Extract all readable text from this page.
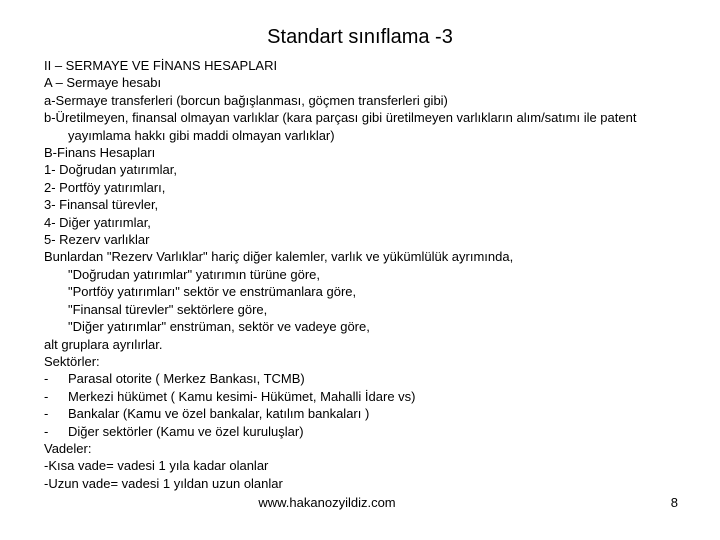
Standart sınıflama -3
II – SERMAYE VE FİNANS HESAPLARI
A – Sermaye hesabı
a-Sermaye transferleri (borcun bağışlanması, göçmen transferleri gibi)
b-Üretilmeyen, finansal olmayan varlıklar (kara parçası gibi üretilmeyen varlıkların alım/satımı ile patent
yayımlama hakkı gibi maddi olmayan varlıklar)
B-Finans Hesapları
1- Doğrudan yatırımlar,
2- Portföy yatırımları,
3- Finansal türevler,
4- Diğer yatırımlar,
5- Rezerv varlıklar
Bunlardan "Rezerv Varlıklar" hariç diğer kalemler, varlık ve yükümlülük ayrımında,
"Doğrudan yatırımlar" yatırımın türüne göre,
"Portföy yatırımları" sektör ve enstrümanlara göre,
"Finansal türevler" sektörlere göre,
"Diğer yatırımlar" enstrüman, sektör ve vadeye göre,
alt gruplara ayrılırlar.
Sektörler:
-	Parasal otorite ( Merkez Bankası, TCMB)
-	Merkezi hükümet ( Kamu kesimi- Hükümet, Mahalli İdare vs)
-	Bankalar (Kamu ve özel bankalar, katılım bankaları )
-	Diğer sektörler (Kamu ve özel kuruluşlar)
Vadeler:
-Kısa vade= vadesi 1 yıla kadar olanlar
-Uzun vade= vadesi 1 yıldan uzun olanlar
www.hakanozyildiz.com	8
